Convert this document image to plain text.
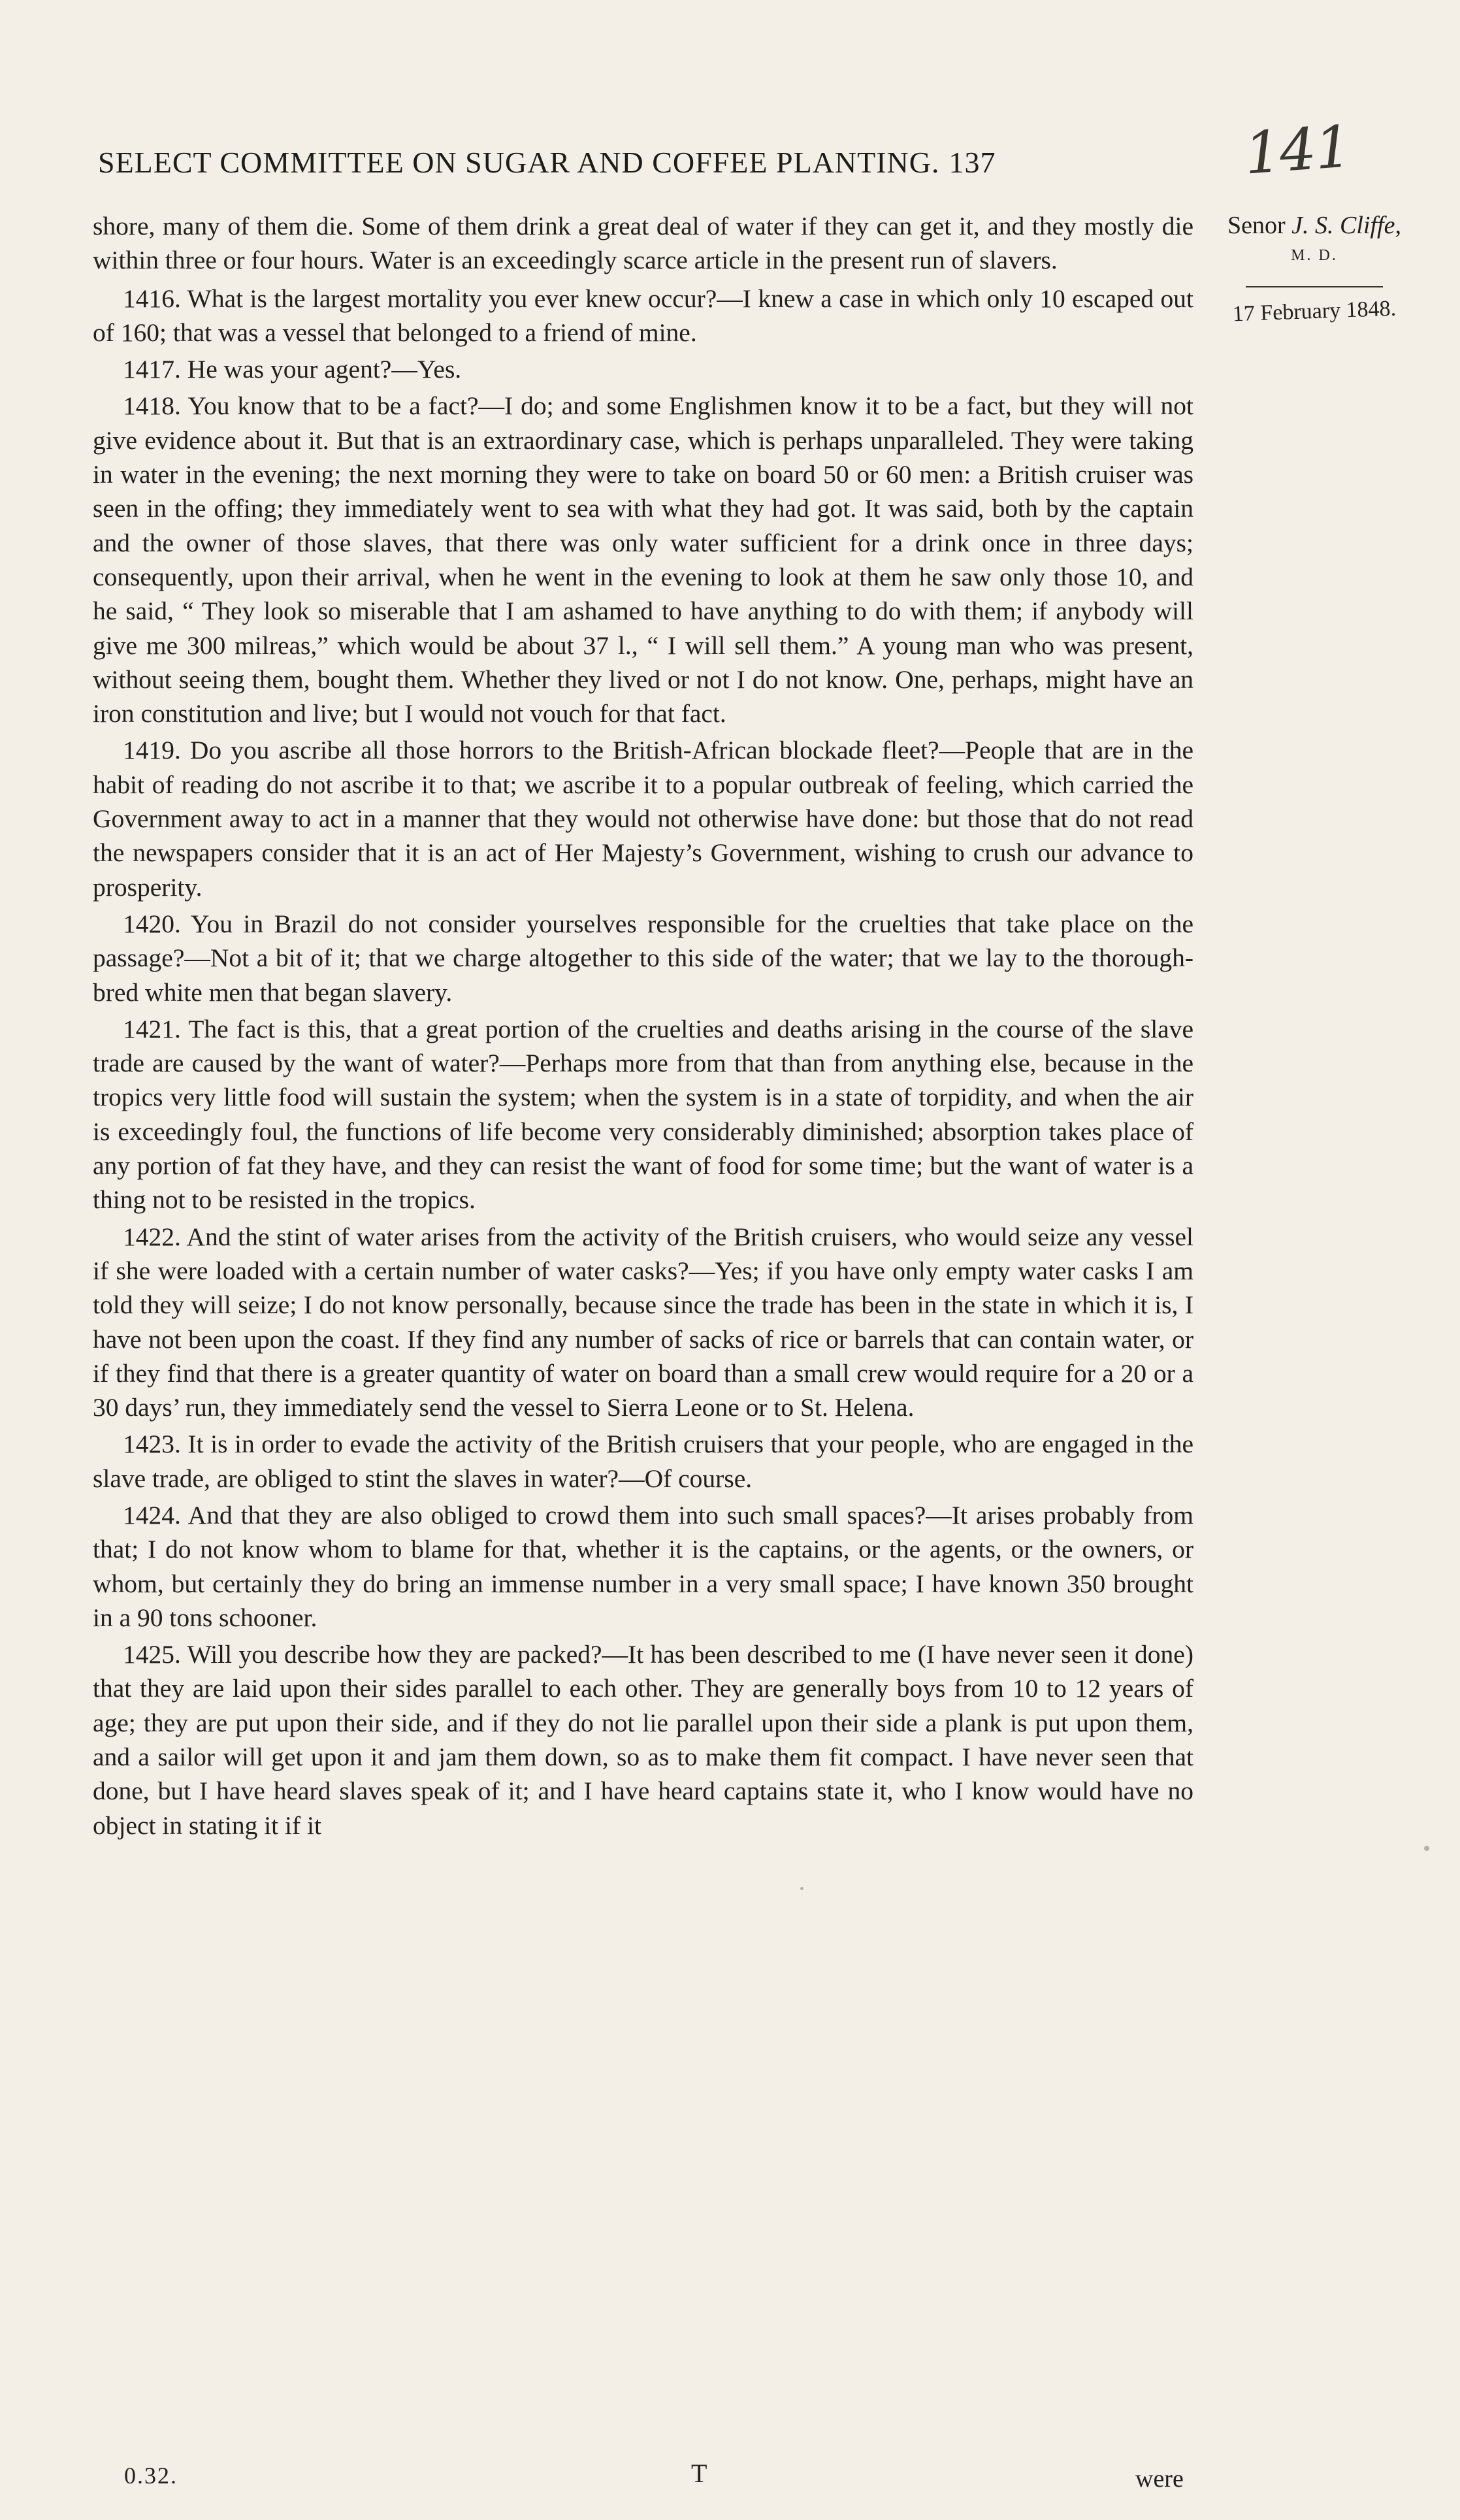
SELECT COMMITTEE ON SUGAR AND COFFEE PLANTING. 137	141
Senor J. S. Cliffe,
M. D.
17 February 1848.

shore, many of them die. Some of them drink a great deal of water if they can get it, and they mostly die within three or four hours. Water is an exceedingly scarce article in the present run of slavers.

1416. What is the largest mortality you ever knew occur?—I knew a case in which only 10 escaped out of 160; that was a vessel that belonged to a friend of mine.

1417. He was your agent?—Yes.

1418. You know that to be a fact?—I do; and some Englishmen know it to be a fact, but they will not give evidence about it. But that is an extraordinary case, which is perhaps unparalleled. They were taking in water in the evening; the next morning they were to take on board 50 or 60 men: a British cruiser was seen in the offing; they immediately went to sea with what they had got. It was said, both by the captain and the owner of those slaves, that there was only water sufficient for a drink once in three days; consequently, upon their arrival, when he went in the evening to look at them he saw only those 10, and he said, “ They look so miserable that I am ashamed to have anything to do with them; if anybody will give me 300 milreas,” which would be about 37 l., “ I will sell them.” A young man who was present, without seeing them, bought them. Whether they lived or not I do not know. One, perhaps, might have an iron constitution and live; but I would not vouch for that fact.

1419. Do you ascribe all those horrors to the British-African blockade fleet?—People that are in the habit of reading do not ascribe it to that; we ascribe it to a popular outbreak of feeling, which carried the Government away to act in a manner that they would not otherwise have done: but those that do not read the newspapers consider that it is an act of Her Majesty’s Government, wishing to crush our advance to prosperity.

1420. You in Brazil do not consider yourselves responsible for the cruelties that take place on the passage?—Not a bit of it; that we charge altogether to this side of the water; that we lay to the thorough-bred white men that began slavery.

1421. The fact is this, that a great portion of the cruelties and deaths arising in the course of the slave trade are caused by the want of water?—Perhaps more from that than from anything else, because in the tropics very little food will sustain the system; when the system is in a state of torpidity, and when the air is exceedingly foul, the functions of life become very considerably diminished; absorption takes place of any portion of fat they have, and they can resist the want of food for some time; but the want of water is a thing not to be resisted in the tropics.

1422. And the stint of water arises from the activity of the British cruisers, who would seize any vessel if she were loaded with a certain number of water casks?—Yes; if you have only empty water casks I am told they will seize; I do not know personally, because since the trade has been in the state in which it is, I have not been upon the coast. If they find any number of sacks of rice or barrels that can contain water, or if they find that there is a greater quantity of water on board than a small crew would require for a 20 or a 30 days’ run, they immediately send the vessel to Sierra Leone or to St. Helena.

1423. It is in order to evade the activity of the British cruisers that your people, who are engaged in the slave trade, are obliged to stint the slaves in water?—Of course.

1424. And that they are also obliged to crowd them into such small spaces?—It arises probably from that; I do not know whom to blame for that, whether it is the captains, or the agents, or the owners, or whom, but certainly they do bring an immense number in a very small space; I have known 350 brought in a 90 tons schooner.

1425. Will you describe how they are packed?—It has been described to me (I have never seen it done) that they are laid upon their sides parallel to each other. They are generally boys from 10 to 12 years of age; they are put upon their side, and if they do not lie parallel upon their side a plank is put upon them, and a sailor will get upon it and jam them down, so as to make them fit compact. I have never seen that done, but I have heard slaves speak of it; and I have heard captains state it, who I know would have no object in stating it if it

0.32.	T	were
